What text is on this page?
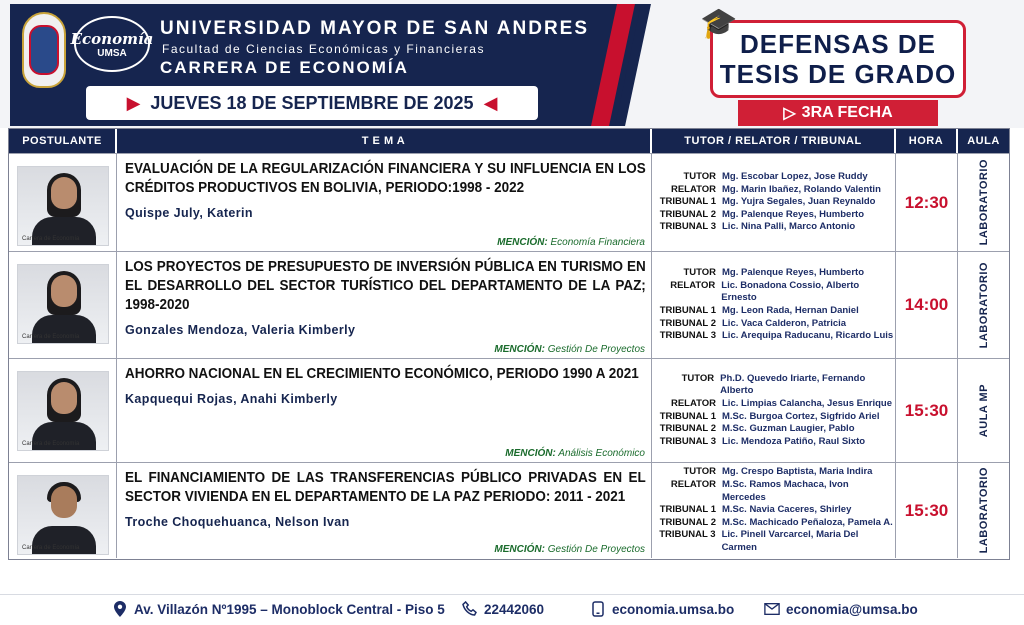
Economía
UMSA
UNIVERSIDAD MAYOR DE SAN ANDRES
Facultad de Ciencias Económicas y Financieras
CARRERA DE ECONOMÍA
▶ JUEVES 18 DE SEPTIEMBRE DE 2025 ◀
DEFENSAS DE
TESIS DE GRADO
🎓
▷ 3RA FECHA
POSTULANTE	T E M A	TUTOR / RELATOR / TRIBUNAL	HORA	AULA
Carrera de Economía
EVALUACIÓN DE LA REGULARIZACIÓN FINANCIERA Y SU INFLUENCIA EN LOS CRÉDITOS PRODUCTIVOS EN BOLIVIA, PERIODO:1998 - 2022
Quispe July, Katerin
MENCIÓN: Economía Financiera
TUTOR Mg. Escobar Lopez, Jose Ruddy
RELATOR Mg. Marin Ibañez, Rolando Valentin
TRIBUNAL 1 Mg. Yujra Segales, Juan Reynaldo
TRIBUNAL 2 Mg. Palenque Reyes, Humberto
TRIBUNAL 3 Lic. Nina Palli, Marco Antonio
12:30	LABORATORIO
Carrera de Economía
LOS PROYECTOS DE PRESUPUESTO DE INVERSIÓN PÚBLICA EN TURISMO EN EL DESARROLLO DEL SECTOR TURÍSTICO DEL DEPARTAMENTO DE LA PAZ; 1998-2020
Gonzales Mendoza, Valeria Kimberly
MENCIÓN: Gestión De Proyectos
TUTOR Mg. Palenque Reyes, Humberto
RELATOR Lic. Bonadona Cossio, Alberto Ernesto
TRIBUNAL 1 Mg. Leon Rada, Hernan Daniel
TRIBUNAL 2 Lic. Vaca Calderon, Patricia
TRIBUNAL 3 Lic. Arequipa Raducanu, Ricardo Luis
14:00	LABORATORIO
Carrera de Economía
AHORRO NACIONAL EN EL CRECIMIENTO ECONÓMICO, PERIODO 1990 A 2021
Kapquequi Rojas, Anahi Kimberly
MENCIÓN: Análisis Económico
TUTOR Ph.D. Quevedo Iriarte, Fernando Alberto
RELATOR Lic. Limpias Calancha, Jesus Enrique
TRIBUNAL 1 M.Sc. Burgoa Cortez, Sigfrido Ariel
TRIBUNAL 2 M.Sc. Guzman Laugier, Pablo
TRIBUNAL 3 Lic. Mendoza Patiño, Raul Sixto
15:30	AULA MP
Carrera de Economía
EL FINANCIAMIENTO DE LAS TRANSFERENCIAS PÚBLICO PRIVADAS EN EL SECTOR VIVIENDA EN EL DEPARTAMENTO DE LA PAZ PERIODO: 2011 - 2021
Troche Choquehuanca, Nelson Ivan
MENCIÓN: Gestión De Proyectos
TUTOR Mg. Crespo Baptista, Maria Indira
RELATOR M.Sc. Ramos Machaca, Ivon Mercedes
TRIBUNAL 1 M.Sc. Navia Caceres, Shirley
TRIBUNAL 2 M.Sc. Machicado Peñaloza, Pamela A.
TRIBUNAL 3 Lic. Pinell Varcarcel, Maria Del Carmen
15:30	LABORATORIO
Av. Villazón Nº1995 – Monoblock Central - Piso 5	22442060	economia.umsa.bo	economia@umsa.bo
